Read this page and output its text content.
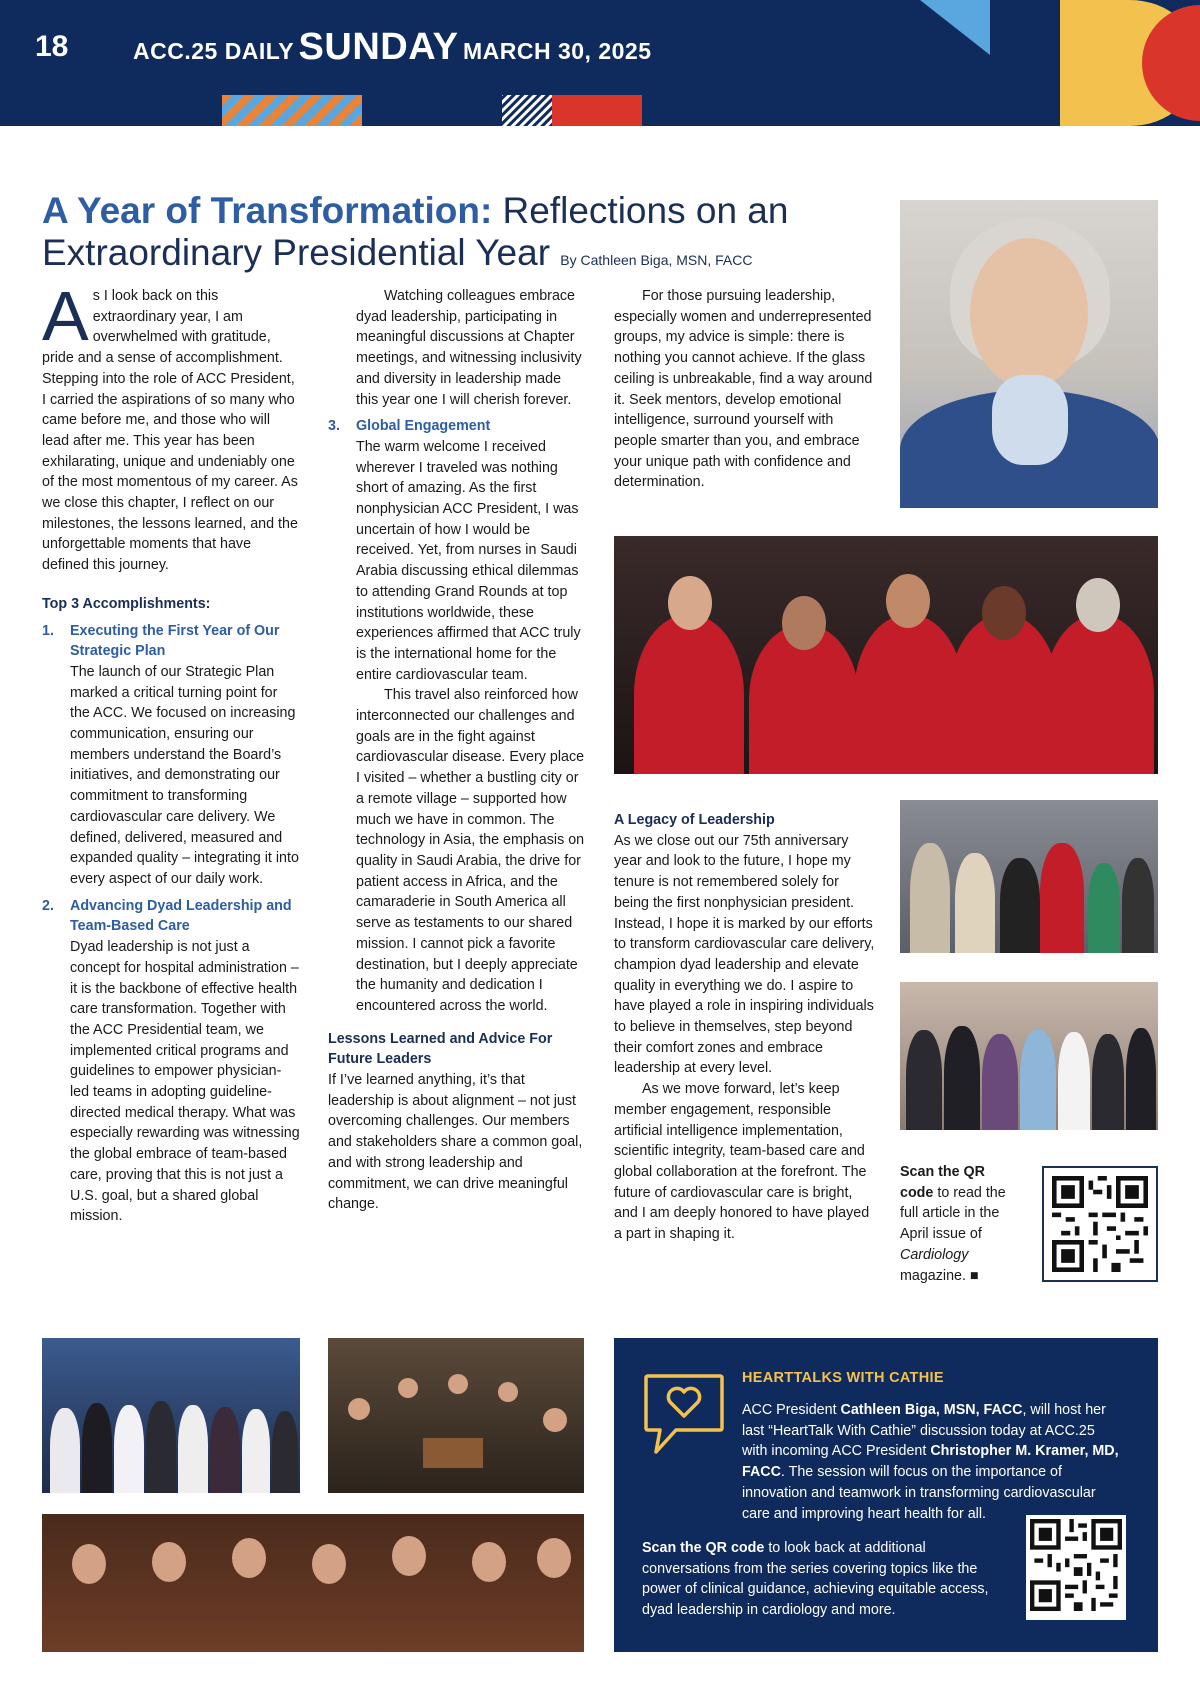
18	ACC.25 DAILY SUNDAY MARCH 30, 2025
A Year of Transformation: Reflections on an Extraordinary Presidential Year By Cathleen Biga, MSN, FACC

As I look back on this extraordinary year, I am overwhelmed with gratitude, pride and a sense of accomplishment. Stepping into the role of ACC President, I carried the aspirations of so many who came before me, and those who will lead after me. This year has been exhilarating, unique and undeniably one of the most momentous of my career. As we close this chapter, I reflect on our milestones, the lessons learned, and the unforgettable moments that have defined this journey.

Top 3 Accomplishments:

1. Executing the First Year of Our Strategic Plan
The launch of our Strategic Plan marked a critical turning point for the ACC. We focused on increasing communication, ensuring our members understand the Board’s initiatives, and demonstrating our commitment to transforming cardiovascular care delivery. We defined, delivered, measured and expanded quality – integrating it into every aspect of our daily work.
2. Advancing Dyad Leadership and Team-Based Care
Dyad leadership is not just a concept for hospital administration – it is the backbone of effective health care transformation. Together with the ACC Presidential team, we implemented critical programs and guidelines to empower physician-led teams in adopting guideline-directed medical therapy. What was especially rewarding was witnessing the global embrace of team-based care, proving that this is not just a U.S. goal, but a shared global mission.

Watching colleagues embrace dyad leadership, participating in meaningful discussions at Chapter meetings, and witnessing inclusivity and diversity in leadership made this year one I will cherish forever.

3. Global Engagement
The warm welcome I received wherever I traveled was nothing short of amazing. As the first nonphysician ACC President, I was uncertain of how I would be received. Yet, from nurses in Saudi Arabia discussing ethical dilemmas to attending Grand Rounds at top institutions worldwide, these experiences affirmed that ACC truly is the international home for the entire cardiovascular team.

This travel also reinforced how interconnected our challenges and goals are in the fight against cardiovascular disease. Every place I visited – whether a bustling city or a remote village – supported how much we have in common. The technology in Asia, the emphasis on quality in Saudi Arabia, the drive for patient access in Africa, and the camaraderie in South America all serve as testaments to our shared mission. I cannot pick a favorite destination, but I deeply appreciate the humanity and dedication I encountered across the world.

Lessons Learned and Advice For Future Leaders

If I’ve learned anything, it’s that leadership is about alignment – not just overcoming challenges. Our members and stakeholders share a common goal, and with strong leadership and commitment, we can drive meaningful change.

For those pursuing leadership, especially women and underrepresented groups, my advice is simple: there is nothing you cannot achieve. If the glass ceiling is unbreakable, find a way around it. Seek mentors, develop emotional intelligence, surround yourself with people smarter than you, and embrace your unique path with confidence and determination.

A Legacy of Leadership

As we close out our 75th anniversary year and look to the future, I hope my tenure is not remembered solely for being the first nonphysician president. Instead, I hope it is marked by our efforts to transform cardiovascular care delivery, champion dyad leadership and elevate quality in everything we do. I aspire to have played a role in inspiring individuals to believe in themselves, step beyond their comfort zones and embrace leadership at every level.

As we move forward, let’s keep member engagement, responsible artificial intelligence implementation, scientific integrity, team-based care and global collaboration at the forefront. The future of cardiovascular care is bright, and I am deeply honored to have played a part in shaping it.

Scan the QR code to read the full article in the April issue of Cardiology magazine. ■
HEARTTALKS WITH CATHIE
ACC President Cathleen Biga, MSN, FACC, will host her last “HeartTalk With Cathie” discussion today at ACC.25 with incoming ACC President Christopher M. Kramer, MD, FACC. The session will focus on the importance of innovation and teamwork in transforming cardiovascular care and improving heart health for all.
Scan the QR code to look back at additional conversations from the series covering topics like the power of clinical guidance, achieving equitable access, dyad leadership in cardiology and more.
